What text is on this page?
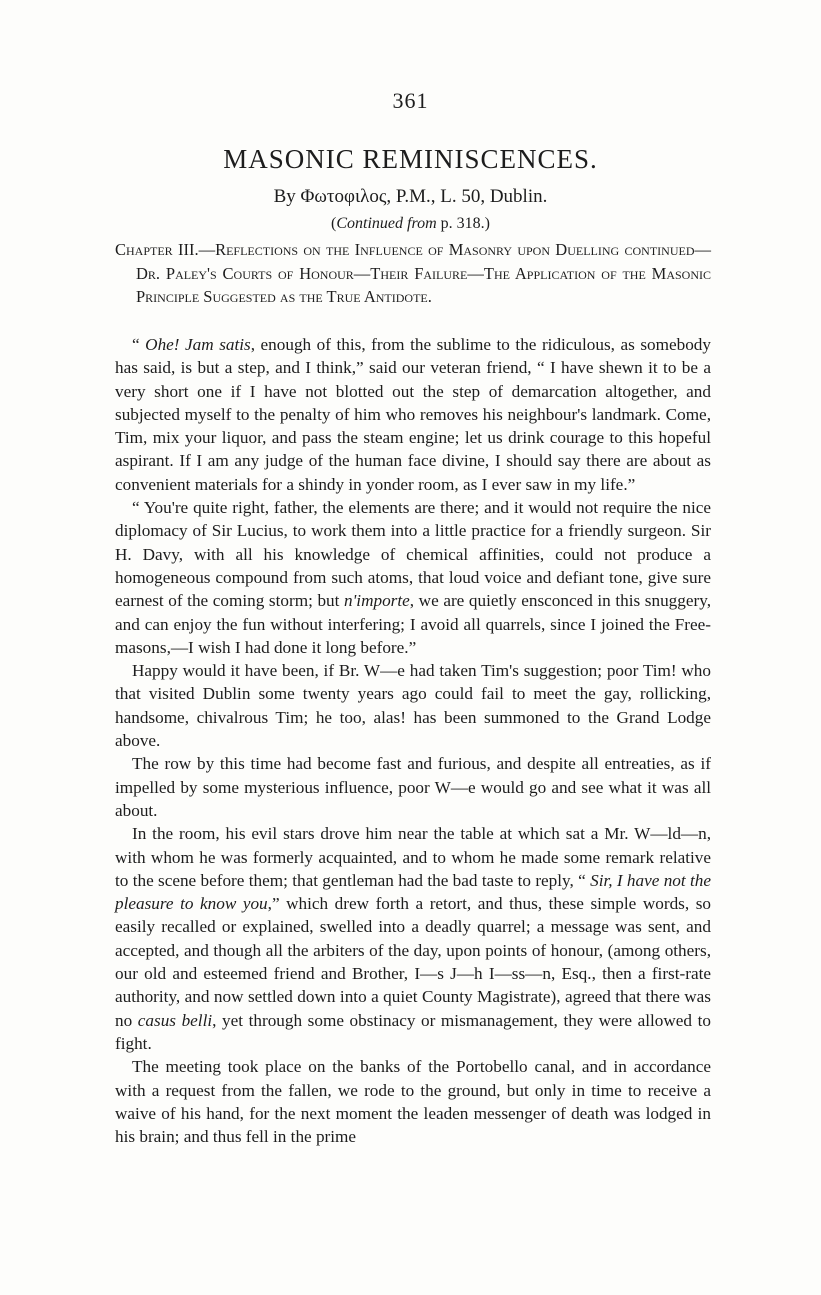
361
MASONIC REMINISCENCES.
By Φωτοφιλος, P.M., L. 50, Dublin.
(Continued from p. 318.)
Chapter III.—Reflections on the Influence of Masonry upon Duelling continued—Dr. Paley's Courts of Honour—Their Failure—The Application of the Masonic Principle Suggested as the True Antidote.

“ Ohe! Jam satis, enough of this, from the sublime to the ridiculous, as somebody has said, is but a step, and I think,” said our veteran friend, “ I have shewn it to be a very short one if I have not blotted out the step of demarcation altogether, and subjected myself to the penalty of him who removes his neighbour's landmark. Come, Tim, mix your liquor, and pass the steam engine; let us drink courage to this hopeful aspirant. If I am any judge of the human face divine, I should say there are about as convenient materials for a shindy in yonder room, as I ever saw in my life.”

“ You're quite right, father, the elements are there; and it would not require the nice diplomacy of Sir Lucius, to work them into a little practice for a friendly surgeon. Sir H. Davy, with all his knowledge of chemical affinities, could not produce a homogeneous compound from such atoms, that loud voice and defiant tone, give sure earnest of the coming storm; but n'importe, we are quietly ensconced in this snuggery, and can enjoy the fun without interfering; I avoid all quarrels, since I joined the Free-masons,—I wish I had done it long before.”

Happy would it have been, if Br. W—e had taken Tim's suggestion; poor Tim! who that visited Dublin some twenty years ago could fail to meet the gay, rollicking, handsome, chivalrous Tim; he too, alas! has been summoned to the Grand Lodge above.

The row by this time had become fast and furious, and despite all entreaties, as if impelled by some mysterious influence, poor W—e would go and see what it was all about.

In the room, his evil stars drove him near the table at which sat a Mr. W—ld—n, with whom he was formerly acquainted, and to whom he made some remark relative to the scene before them; that gentleman had the bad taste to reply, “ Sir, I have not the pleasure to know you,” which drew forth a retort, and thus, these simple words, so easily recalled or explained, swelled into a deadly quarrel; a message was sent, and accepted, and though all the arbiters of the day, upon points of honour, (among others, our old and esteemed friend and Brother, I—s J—h I—ss—n, Esq., then a first-rate authority, and now settled down into a quiet County Magistrate), agreed that there was no casus belli, yet through some obstinacy or mismanagement, they were allowed to fight.

The meeting took place on the banks of the Portobello canal, and in accordance with a request from the fallen, we rode to the ground, but only in time to receive a waive of his hand, for the next moment the leaden messenger of death was lodged in his brain; and thus fell in the prime
